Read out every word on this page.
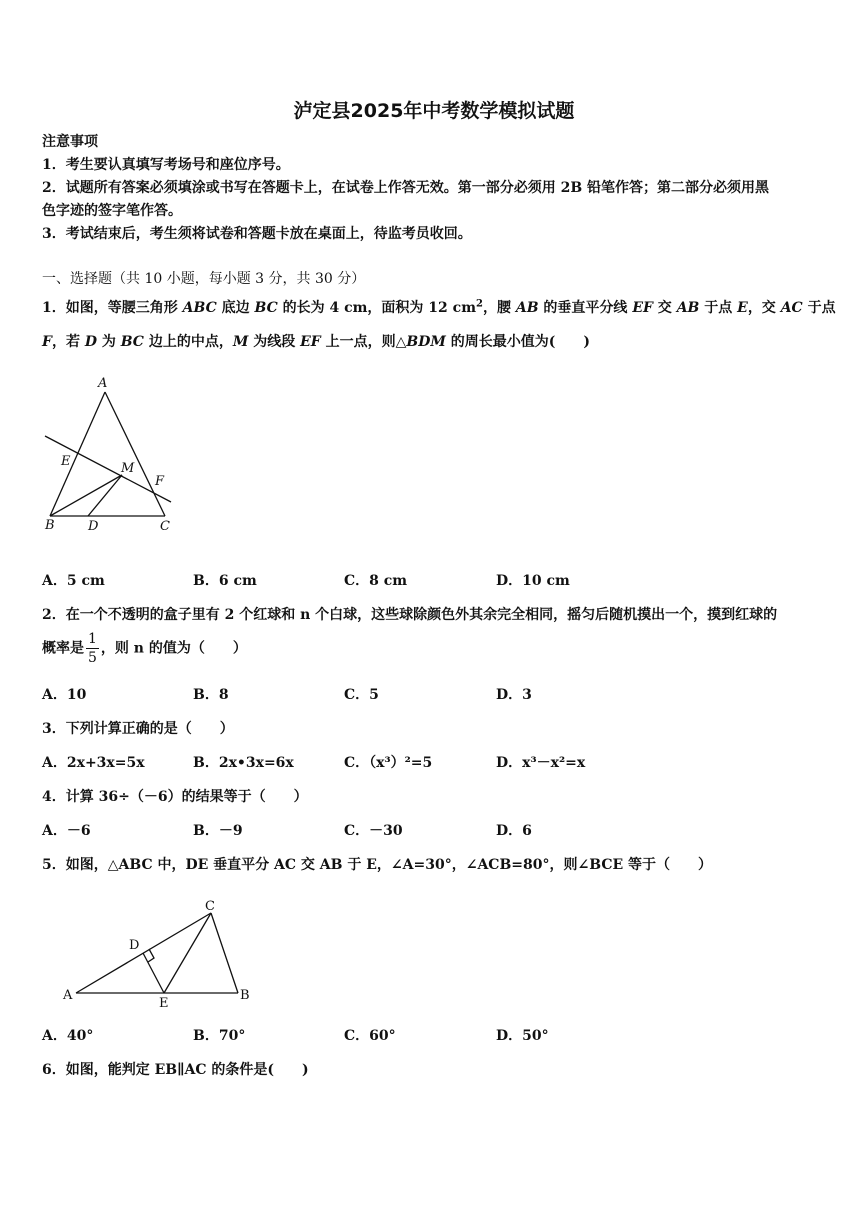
泸定县2025年中考数学模拟试题
注意事项
1．考生要认真填写考场号和座位序号。
2．试题所有答案必须填涂或书写在答题卡上，在试卷上作答无效。第一部分必须用 2B 铅笔作答；第二部分必须用黑
色字迹的签字笔作答。
3．考试结束后，考生须将试卷和答题卡放在桌面上，待监考员收回。
一、选择题（共 10 小题，每小题 3 分，共 30 分）
1．如图，等腰三角形 ABC 底边 BC 的长为 4 cm，面积为 12 $cm^2$，腰 AB 的垂直平分线 EF 交 AB 于点 E，交 AC 于点
F，若 D 为 BC 边上的中点，M 为线段 EF 上一点，则△BDM 的周长最小值为(　　)
A
E	M
F
B	D	C
A．5 cm	B．6 cm	C．8 cm	D．10 cm
2．在一个不透明的盒子里有 2 个红球和 n 个白球，这些球除颜色外其余完全相同，摇匀后随机摸出一个，摸到红球的
概率是 $\frac{1}{5}$ ，则 n 的值为（　　）
A．10	B．8	C．5	D．3
3．下列计算正确的是（　　）
A．2x+3x=5x	B．2x•3x=6x	C．（x³）²=5	D．x³－x²=x
4．计算 36÷（－6）的结果等于（　　）
A．－6	B．－9	C．－30	D．6
5．如图，△ABC 中，DE 垂直平分 AC 交 AB 于 E，∠A=30°，∠ACB=80°，则∠BCE 等于（　　）
A	B
C
D
E
A．40°	B．70°	C．60°	D．50°
6．如图，能判定 EB∥AC 的条件是(　　)
